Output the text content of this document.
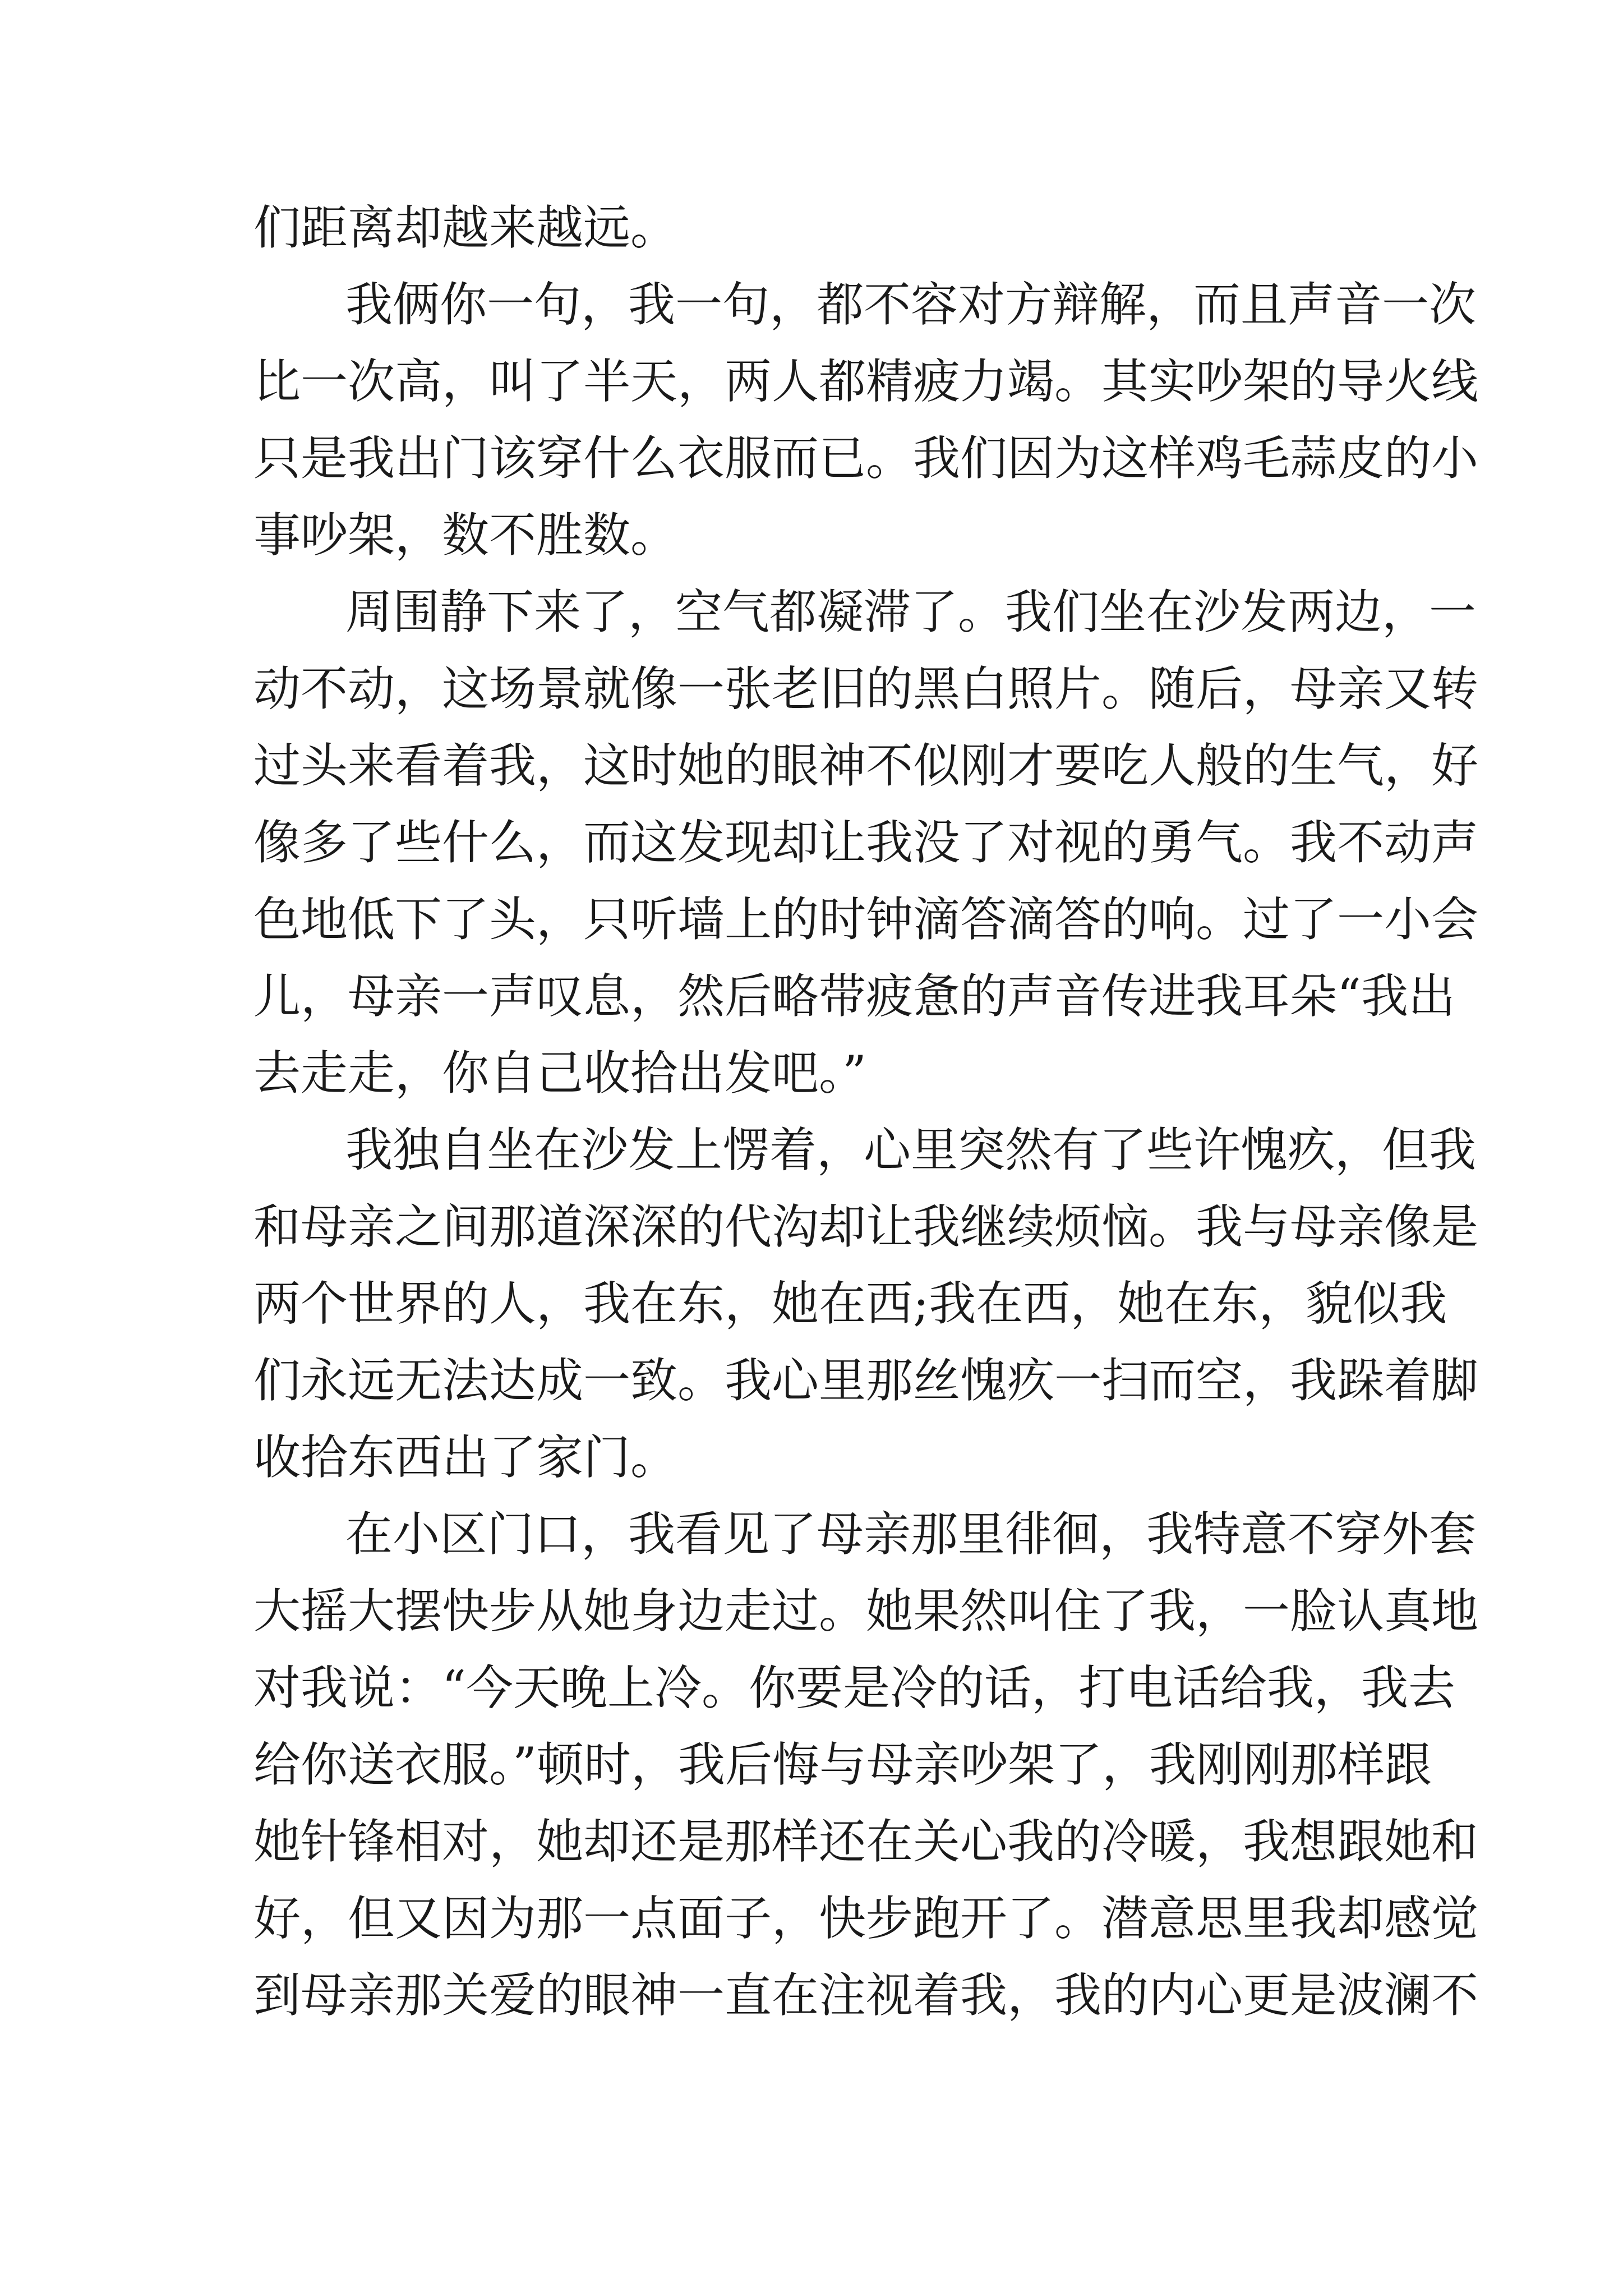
们距离却越来越远。
我俩你一句，我一句，都不容对方辩解，而且声音一次
比一次高，叫了半天，两人都精疲力竭。其实吵架的导火线
只是我出门该穿什么衣服而已。我们因为这样鸡毛蒜皮的小
事吵架，数不胜数。
周围静下来了，空气都凝滞了。我们坐在沙发两边，一
动不动，这场景就像一张老旧的黑白照片。随后，母亲又转
过头来看着我，这时她的眼神不似刚才要吃人般的生气，好
像多了些什么，而这发现却让我没了对视的勇气。我不动声
色地低下了头，只听墙上的时钟滴答滴答的响。过了一小会
儿，母亲一声叹息，然后略带疲惫的声音传进我耳朵“我出
去走走，你自己收拾出发吧。”
我独自坐在沙发上愣着，心里突然有了些许愧疚，但我
和母亲之间那道深深的代沟却让我继续烦恼。我与母亲像是
两个世界的人，我在东，她在西;我在西，她在东，貌似我
们永远无法达成一致。我心里那丝愧疚一扫而空，我跺着脚
收拾东西出了家门。
在小区门口，我看见了母亲那里徘徊，我特意不穿外套
大摇大摆快步从她身边走过。她果然叫住了我，一脸认真地
对我说：“今天晚上冷。你要是冷的话，打电话给我，我去
给你送衣服。”顿时，我后悔与母亲吵架了，我刚刚那样跟
她针锋相对，她却还是那样还在关心我的冷暖，我想跟她和
好，但又因为那一点面子，快步跑开了。潜意思里我却感觉
到母亲那关爱的眼神一直在注视着我，我的内心更是波澜不
